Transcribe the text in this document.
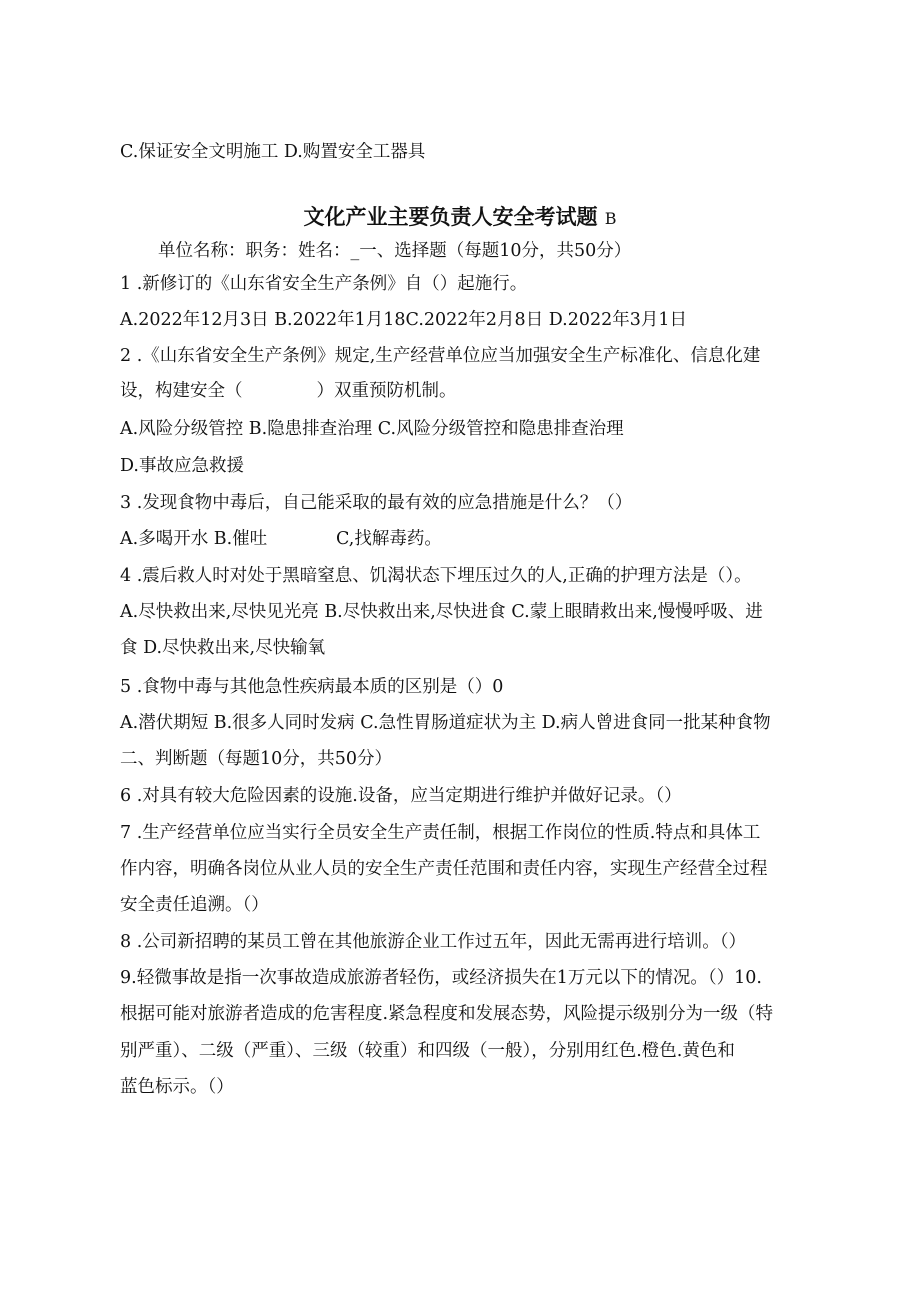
C.保证安全文明施工 D.购置安全工器具
文化产业主要负责人安全考试题 B
单位名称：职务：姓名：_一、选择题（每题10分，共50分）
1 .新修订的《山东省安全生产条例》自（）起施行。
A.2022年12月3日 B.2022年1月18C.2022年2月8日 D.2022年3月1日
2 .《山东省安全生产条例》规定,生产经营单位应当加强安全生产标准化、信息化建
设，构建安全（	）双重预防机制。
A.风险分级管控 B.隐患排查治理 C.风险分级管控和隐患排查治理
D.事故应急救援
3 .发现食物中毒后，自己能采取的最有效的应急措施是什么？（）
A.多喝开水 B.催吐	C,找解毒药。
4 .震后救人时对处于黑暗窒息、饥渴状态下埋压过久的人,正确的护理方法是（）。
A.尽快救出来,尽快见光亮 B.尽快救出来,尽快进食 C.蒙上眼睛救出来,慢慢呼吸、进
食 D.尽快救出来,尽快输氧
5 .食物中毒与其他急性疾病最本质的区别是（）0
A.潜伏期短 B.很多人同时发病 C.急性胃肠道症状为主 D.病人曾进食同一批某种食物
二、判断题（每题10分，共50分）
6 .对具有较大危险因素的设施.设备，应当定期进行维护并做好记录。（）
7 .生产经营单位应当实行全员安全生产责任制，根据工作岗位的性质.特点和具体工
作内容，明确各岗位从业人员的安全生产责任范围和责任内容，实现生产经营全过程
安全责任追溯。（）
8 .公司新招聘的某员工曾在其他旅游企业工作过五年，因此无需再进行培训。（）
9.轻微事故是指一次事故造成旅游者轻伤，或经济损失在1万元以下的情况。（）10.
根据可能对旅游者造成的危害程度.紧急程度和发展态势，风险提示级别分为一级（特
别严重）、二级（严重）、三级（较重）和四级（一般），分别用红色.橙色.黄色和
蓝色标示。（）
